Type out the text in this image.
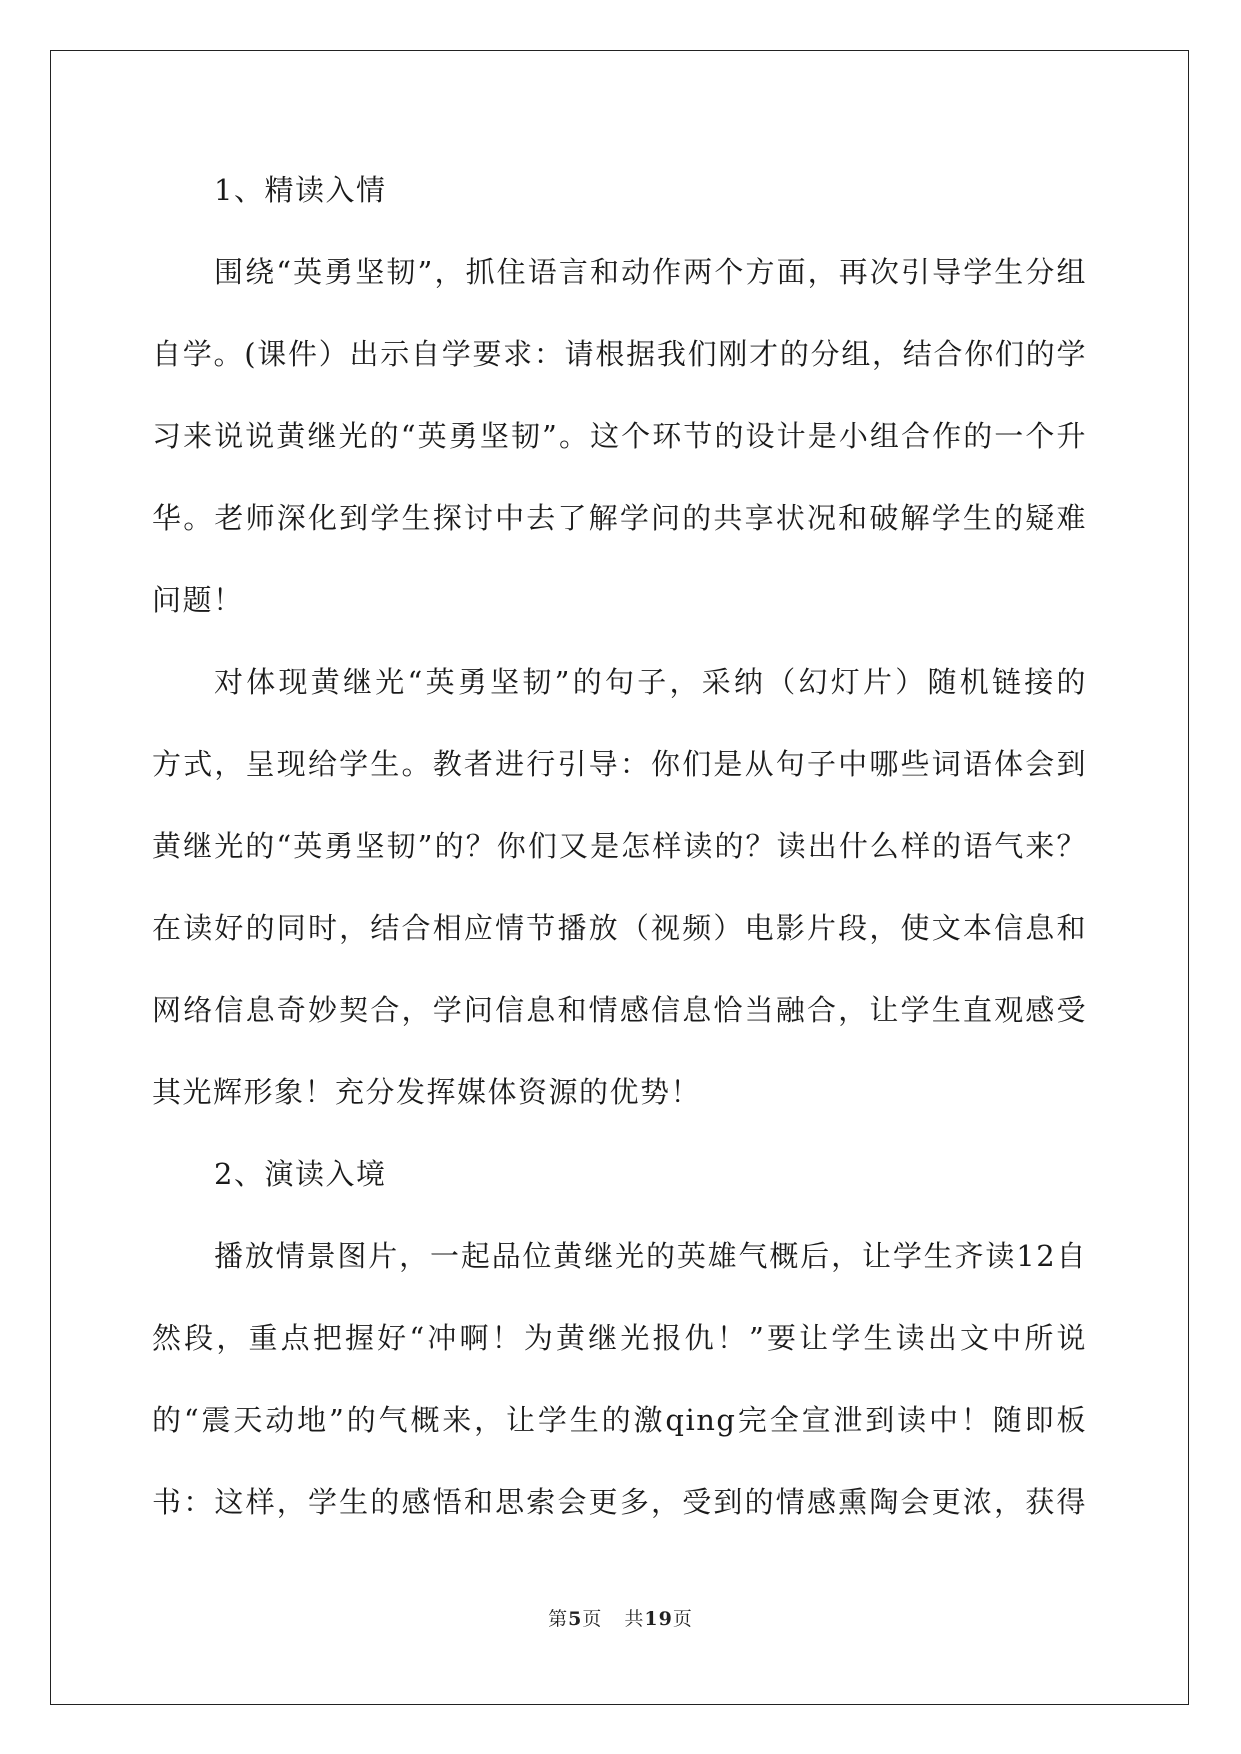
1、精读入情
围绕“英勇坚韧”，抓住语言和动作两个方面，再次引导学生分组
自学。(课件）出示自学要求：请根据我们刚才的分组，结合你们的学
习来说说黄继光的“英勇坚韧”。这个环节的设计是小组合作的一个升
华。老师深化到学生探讨中去了解学问的共享状况和破解学生的疑难
问题！
对体现黄继光“英勇坚韧”的句子，采纳（幻灯片）随机链接的
方式，呈现给学生。教者进行引导：你们是从句子中哪些词语体会到
黄继光的“英勇坚韧”的？你们又是怎样读的？读出什么样的语气来？
在读好的同时，结合相应情节播放（视频）电影片段，使文本信息和
网络信息奇妙契合，学问信息和情感信息恰当融合，让学生直观感受
其光辉形象！充分发挥媒体资源的优势！
2、演读入境
播放情景图片，一起品位黄继光的英雄气概后，让学生齐读12自
然段，重点把握好“冲啊！为黄继光报仇！”要让学生读出文中所说
的“震天动地”的气概来，让学生的激qing完全宣泄到读中！随即板
书：这样，学生的感悟和思索会更多，受到的情感熏陶会更浓，获得
第5页 共19页
